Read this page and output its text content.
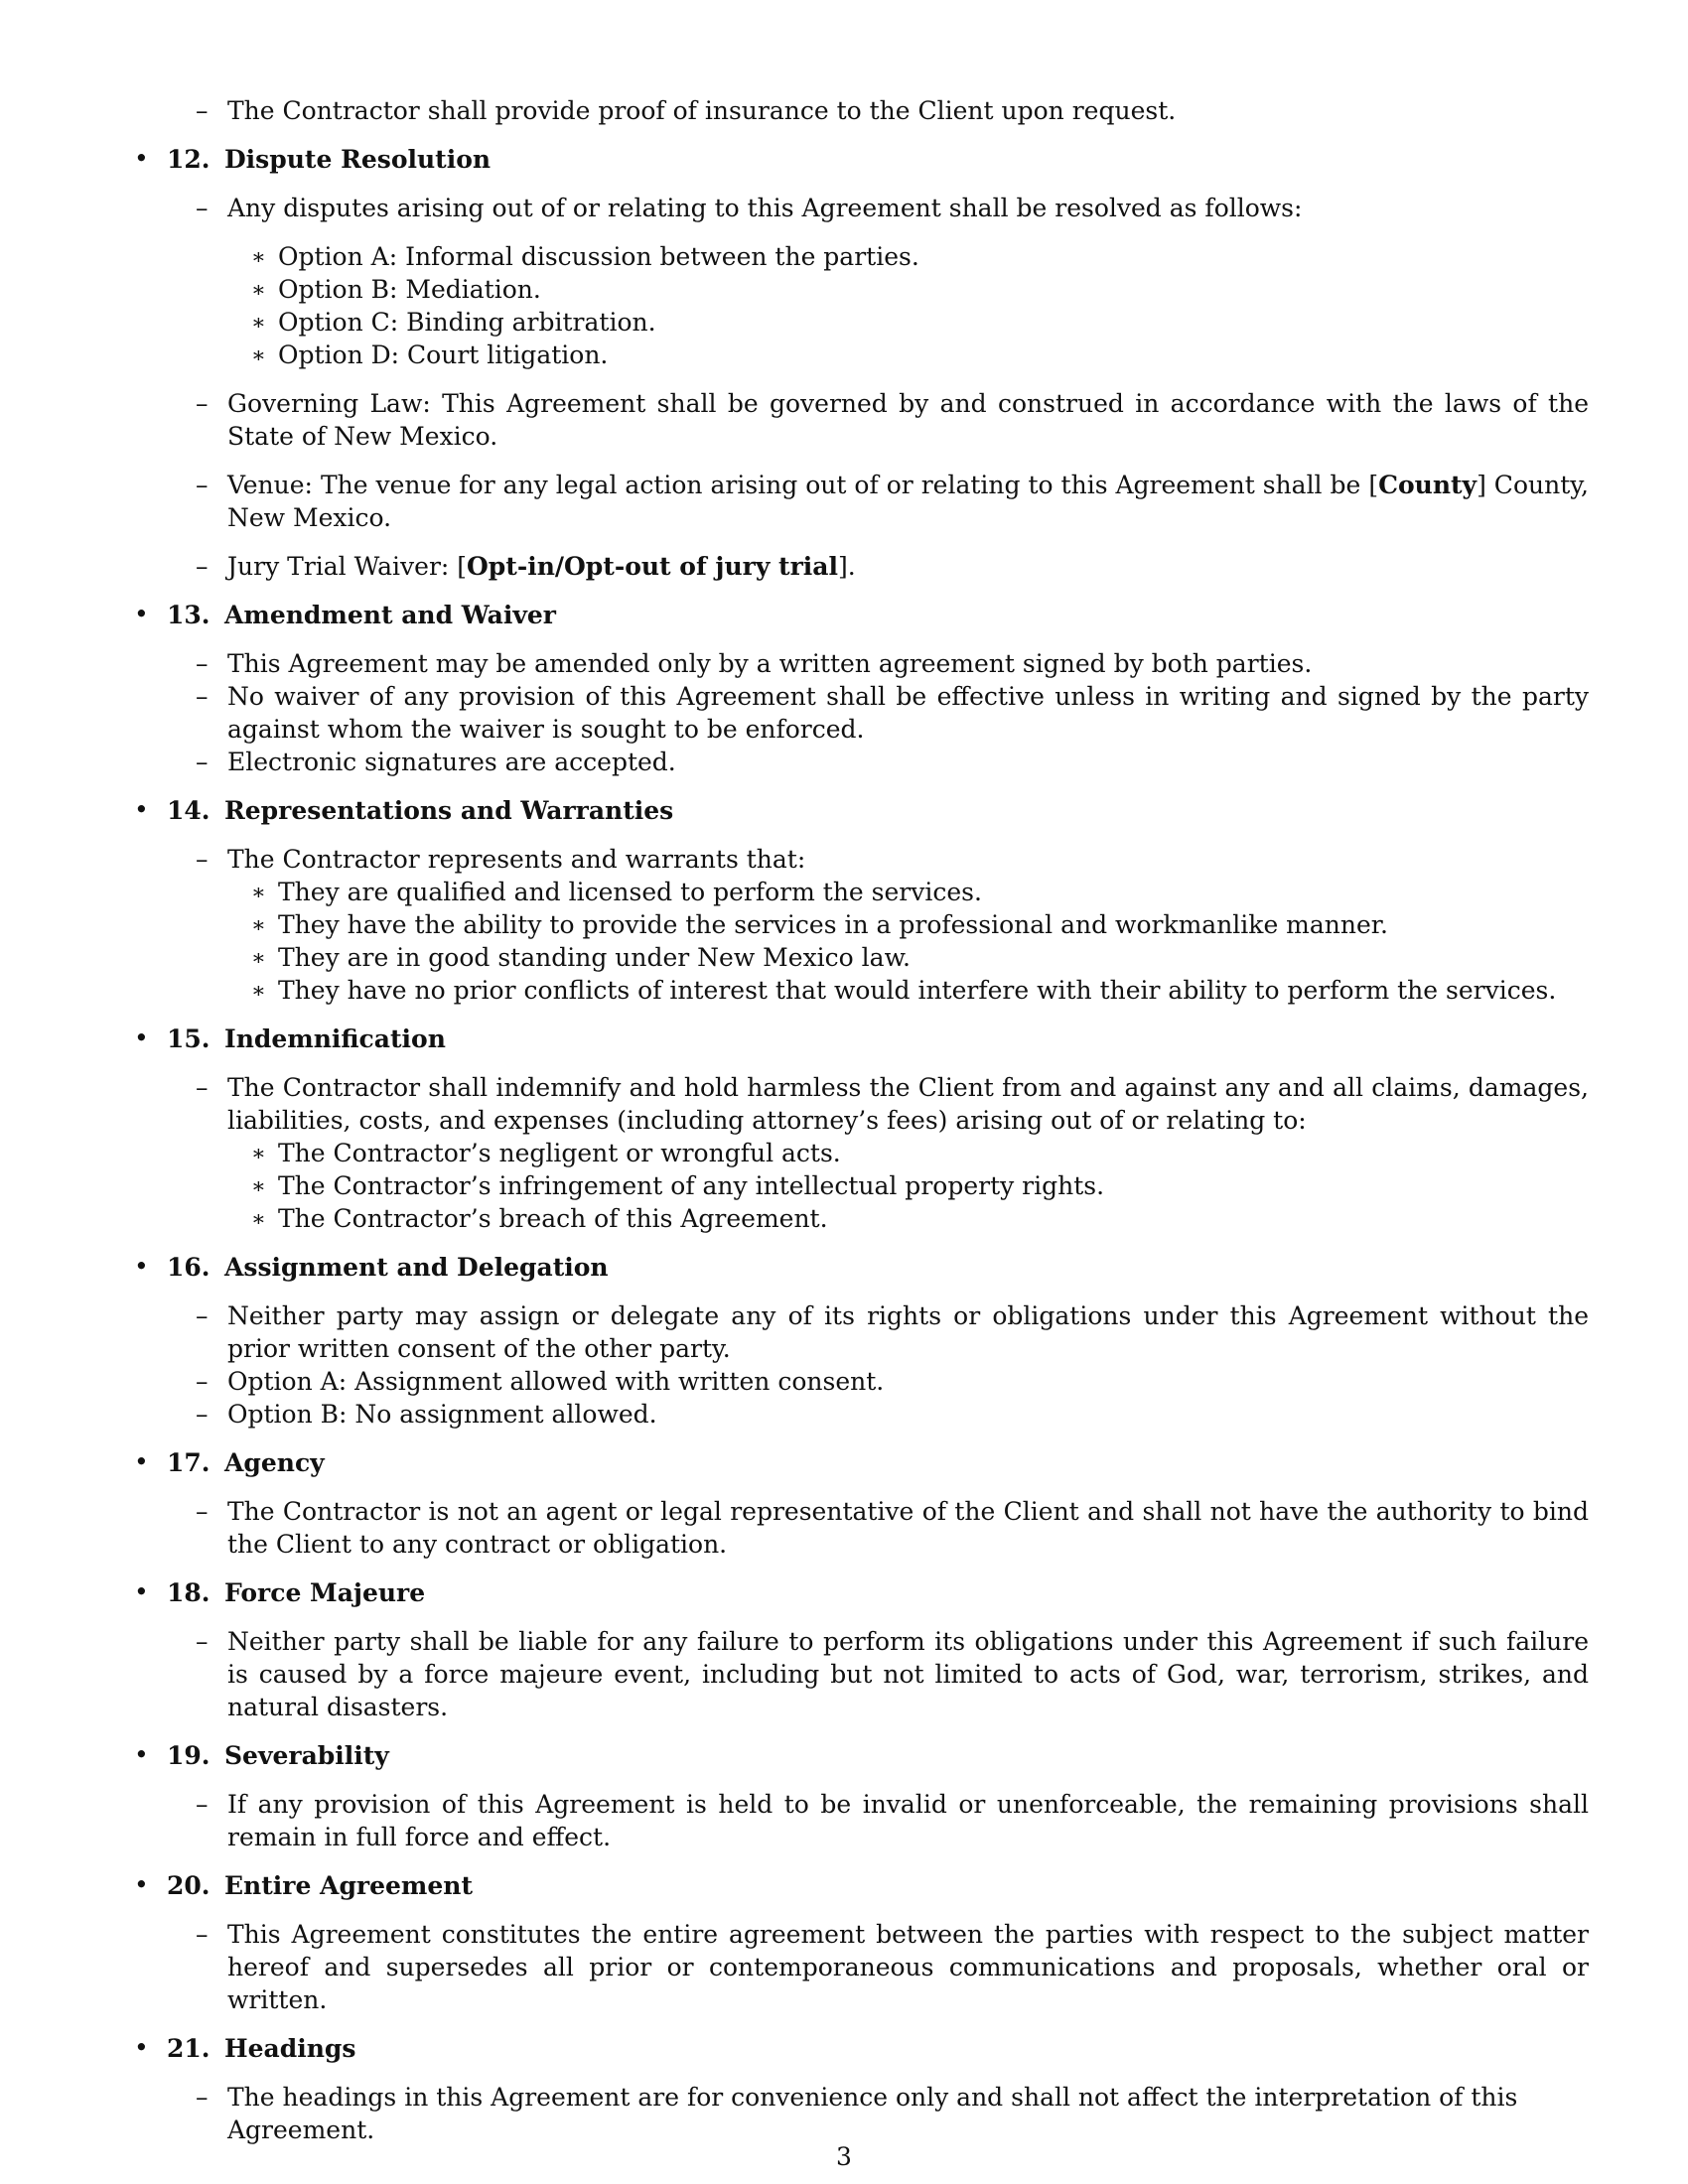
– The Contractor shall provide proof of insurance to the Client upon request.
• 12. Dispute Resolution
– Any disputes arising out of or relating to this Agreement shall be resolved as follows:
∗ Option A: Informal discussion between the parties.
∗ Option B: Mediation.
∗ Option C: Binding arbitration.
∗ Option D: Court litigation.
– Governing Law: This Agreement shall be governed by and construed in accordance with the laws of the State of New Mexico.
– Venue: The venue for any legal action arising out of or relating to this Agreement shall be [County] County, New Mexico.
– Jury Trial Waiver: [Opt-in/Opt-out of jury trial].
• 13. Amendment and Waiver
– This Agreement may be amended only by a written agreement signed by both parties.
– No waiver of any provision of this Agreement shall be effective unless in writing and signed by the party against whom the waiver is sought to be enforced.
– Electronic signatures are accepted.
• 14. Representations and Warranties
– The Contractor represents and warrants that:
∗ They are qualified and licensed to perform the services.
∗ They have the ability to provide the services in a professional and workmanlike manner.
∗ They are in good standing under New Mexico law.
∗ They have no prior conflicts of interest that would interfere with their ability to perform the services.
• 15. Indemnification
– The Contractor shall indemnify and hold harmless the Client from and against any and all claims, damages, liabilities, costs, and expenses (including attorney’s fees) arising out of or relating to:
∗ The Contractor’s negligent or wrongful acts.
∗ The Contractor’s infringement of any intellectual property rights.
∗ The Contractor’s breach of this Agreement.
• 16. Assignment and Delegation
– Neither party may assign or delegate any of its rights or obligations under this Agreement without the prior written consent of the other party.
– Option A: Assignment allowed with written consent.
– Option B: No assignment allowed.
• 17. Agency
– The Contractor is not an agent or legal representative of the Client and shall not have the authority to bind the Client to any contract or obligation.
• 18. Force Majeure
– Neither party shall be liable for any failure to perform its obligations under this Agreement if such failure is caused by a force majeure event, including but not limited to acts of God, war, terrorism, strikes, and natural disasters.
• 19. Severability
– If any provision of this Agreement is held to be invalid or unenforceable, the remaining provisions shall remain in full force and effect.
• 20. Entire Agreement
– This Agreement constitutes the entire agreement between the parties with respect to the subject matter hereof and supersedes all prior or contemporaneous communications and proposals, whether oral or written.
• 21. Headings
– The headings in this Agreement are for convenience only and shall not affect the interpretation of this Agreement.
3
